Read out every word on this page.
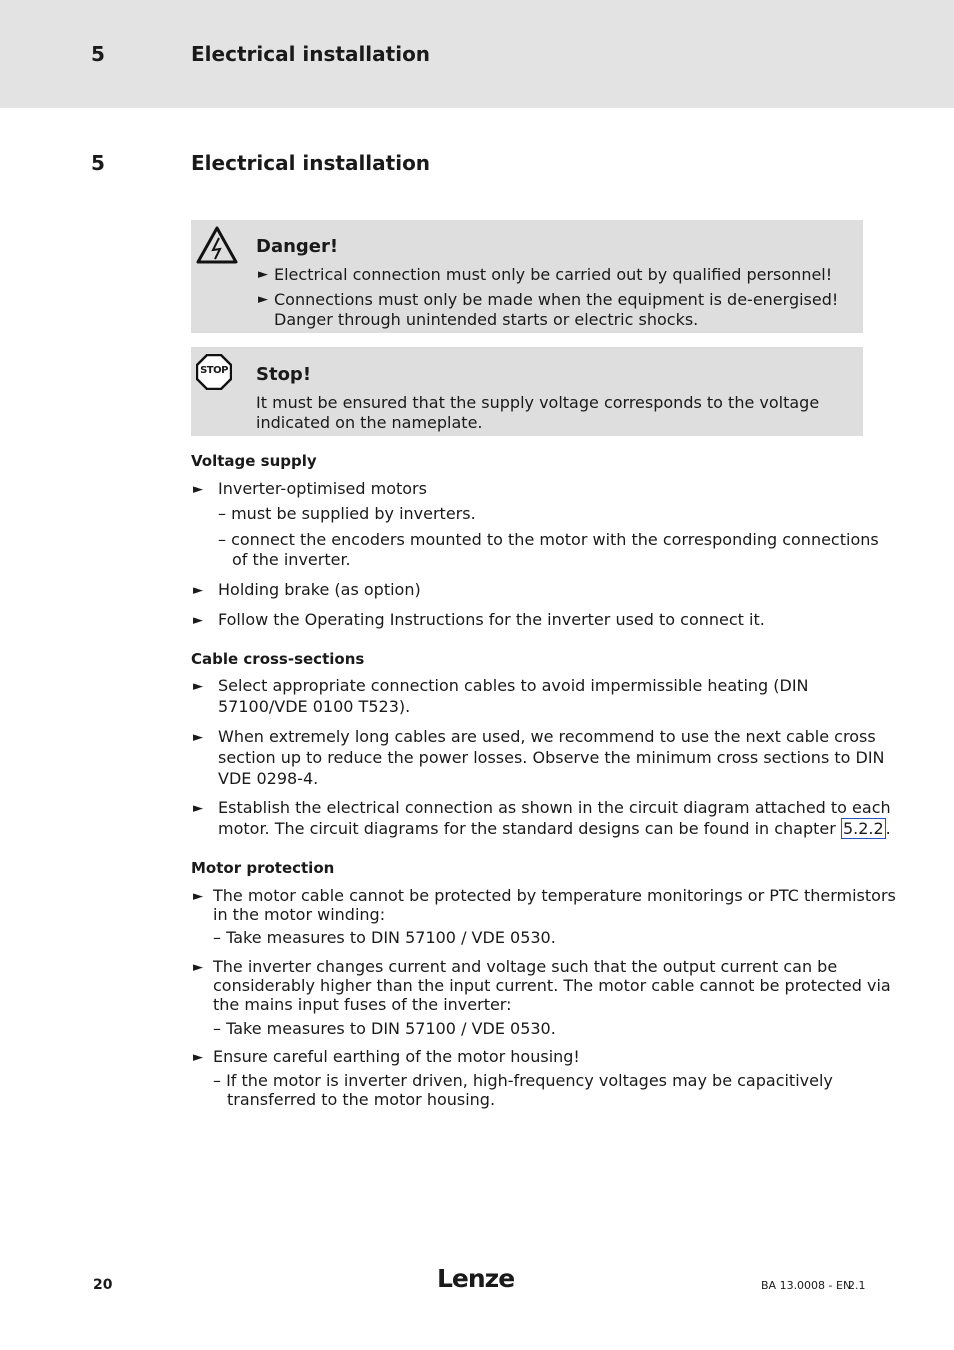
5	Electrical installation
5	Electrical installation
Danger!
► Electrical connection must only be carried out by qualified personnel!
► Connections must only be made when the equipment is de-energised!
Danger through unintended starts or electric shocks.
STOP Stop!
It must be ensured that the supply voltage corresponds to the voltage
indicated on the nameplate.
Voltage supply
► Inverter-optimised motors
– must be supplied by inverters.
– connect the encoders mounted to the motor with the corresponding connections
of the inverter.
► Holding brake (as option)
► Follow the Operating Instructions for the inverter used to connect it.
Cable cross-sections
► Select appropriate connection cables to avoid impermissible heating (DIN
57100/VDE 0100 T523).
► When extremely long cables are used, we recommend to use the next cable cross
section up to reduce the power losses. Observe the minimum cross sections to DIN
VDE 0298-4.
► Establish the electrical connection as shown in the circuit diagram attached to each
motor. The circuit diagrams for the standard designs can be found in chapter 5.2.2 .
Motor protection
► The motor cable cannot be protected by temperature monitorings or PTC thermistors
in the motor winding:
– Take measures to DIN 57100 / VDE 0530.
► The inverter changes current and voltage such that the output current can be
considerably higher than the input current. The motor cable cannot be protected via
the mains input fuses of the inverter:
– Take measures to DIN 57100 / VDE 0530.
► Ensure careful earthing of the motor housing!
– If the motor is inverter driven, high-frequency voltages may be capacitively
transferred to the motor housing.
20	Lenze	BA 13.0008 - EN
2.1
